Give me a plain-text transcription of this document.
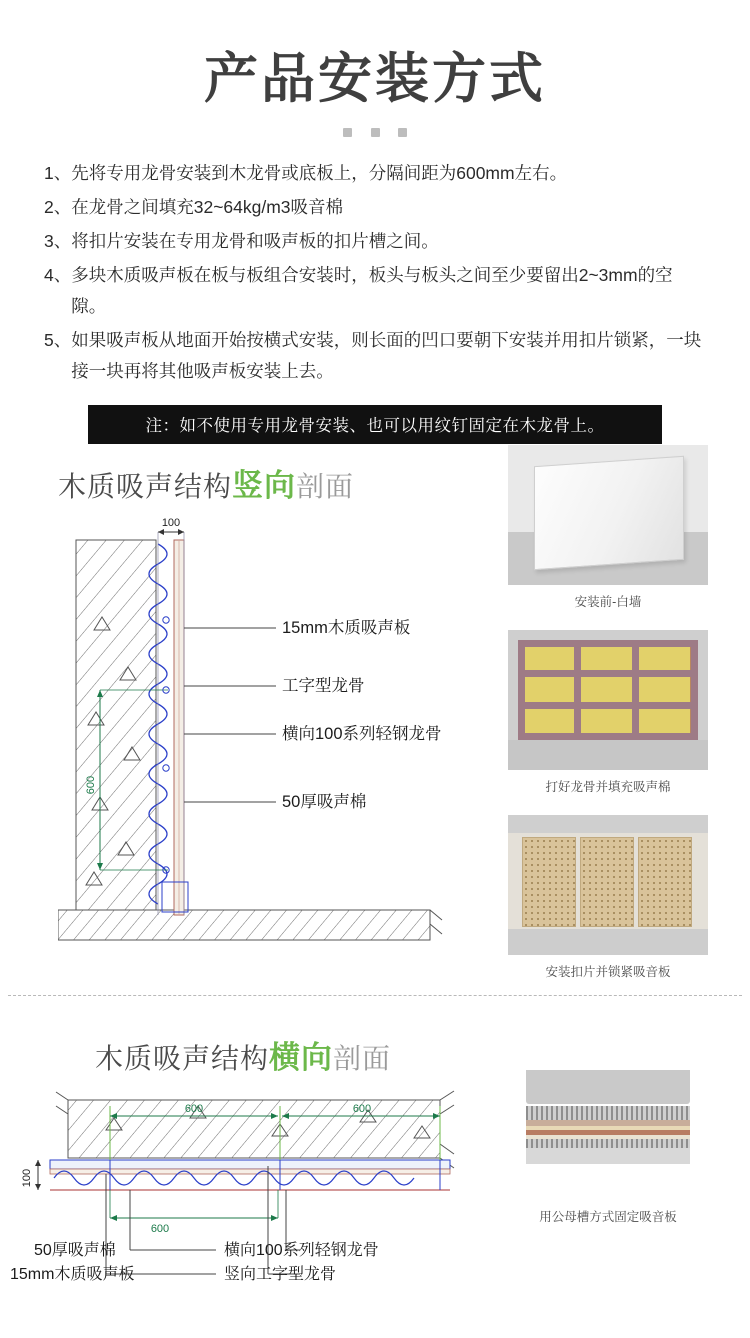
产品安装方式

1、 先将专用龙骨安装到木龙骨或底板上，分隔间距为600mm左右。
2、 在龙骨之间填充32~64kg/m3吸音棉
3、 将扣片安装在专用龙骨和吸声板的扣片槽之间。
4、 多块木质吸声板在板与板组合安装时，板头与板头之间至少要留出2~3mm的空隙。
5、 如果吸声板从地面开始按横式安装，则长面的凹口要朝下安装并用扣片锁紧，一块接一块再将其他吸声板安装上去。
注：如不使用专用龙骨安装、也可以用纹钉固定在木龙骨上。
木质吸声结构竖向剖面
100
600
15mm木质吸声板
工字型龙骨
横向100系列轻钢龙骨
50厚吸声棉
安装前-白墙
打好龙骨并填充吸声棉
安装扣片并锁紧吸音板
木质吸声结构横向剖面
600	600
100
600
50厚吸声棉
15mm木质吸声板
横向100系列轻钢龙骨
竖向工字型龙骨
用公母槽方式固定吸音板
